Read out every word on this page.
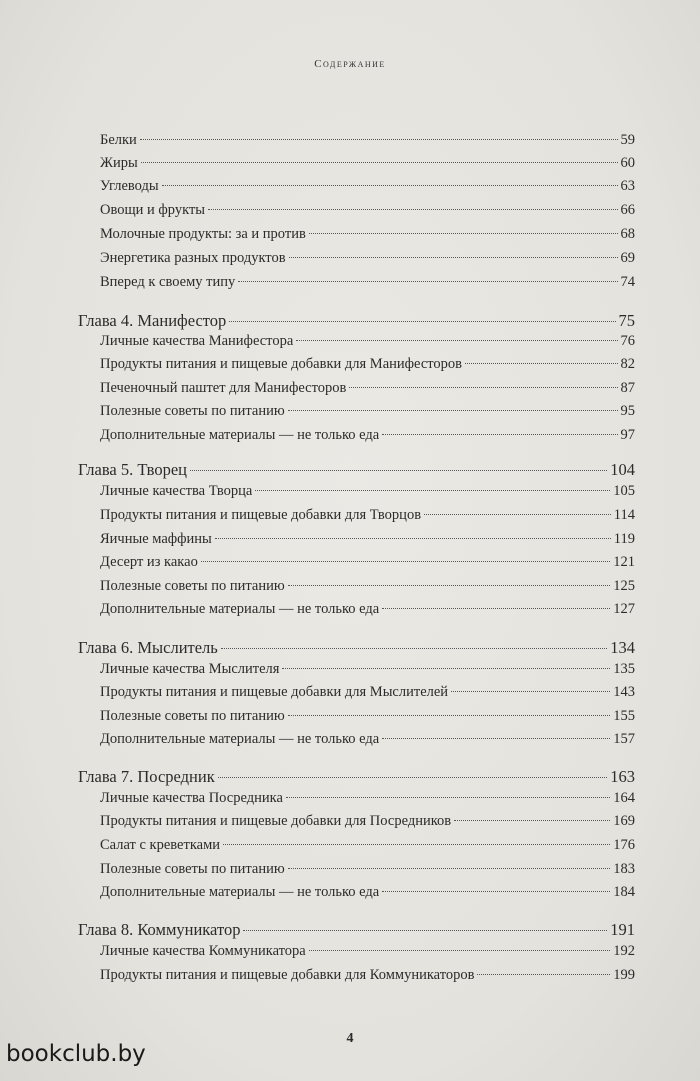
Содержание
Белки	59
Жиры	60
Углеводы	63
Овощи и фрукты	66
Молочные продукты: за и против	68
Энергетика разных продуктов	69
Вперед к своему типу	74
Глава 4. Манифестор	75
Личные качества Манифестора	76
Продукты питания и пищевые добавки для Манифесторов	82
Печеночный паштет для Манифесторов	87
Полезные советы по питанию	95
Дополнительные материалы — не только еда	97
Глава 5. Творец	104
Личные качества Творца	105
Продукты питания и пищевые добавки для Творцов	114
Яичные маффины	119
Десерт из какао	121
Полезные советы по питанию	125
Дополнительные материалы — не только еда	127
Глава 6. Мыслитель	134
Личные качества Мыслителя	135
Продукты питания и пищевые добавки для Мыслителей	143
Полезные советы по питанию	155
Дополнительные материалы — не только еда	157
Глава 7. Посредник	163
Личные качества Посредника	164
Продукты питания и пищевые добавки для Посредников	169
Салат с креветками	176
Полезные советы по питанию	183
Дополнительные материалы — не только еда	184
Глава 8. Коммуникатор	191
Личные качества Коммуникатора	192
Продукты питания и пищевые добавки для Коммуникаторов	199
4
bookclub.by
